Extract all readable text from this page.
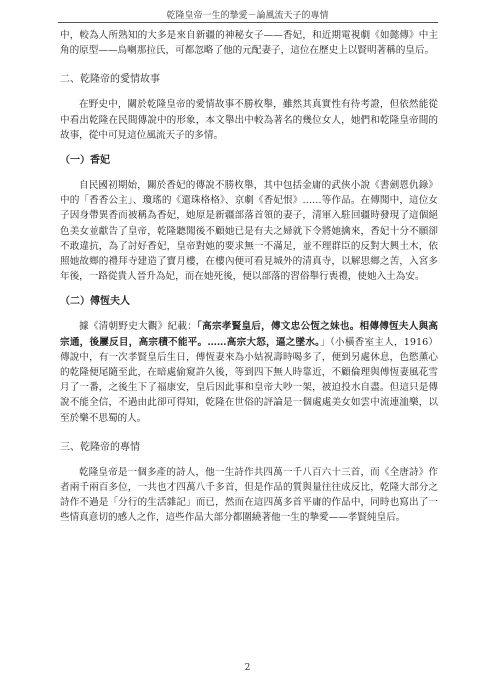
乾隆皇帝一生的摯愛－論風流天子的專情

中，較為人所熟知的大多是來自新疆的神秘女子——香妃，和近期電視劇《如懿傳》中主角的原型——烏喇那拉氏，可都忽略了他的元配妻子，這位在歷史上以賢明著稱的皇后。

二、乾隆帝的愛情故事

在野史中，關於乾隆皇帝的愛情故事不勝枚舉，雖然其真實性有待考證，但依然能從中看出乾隆在民間傳說中的形象，本文舉出中較為著名的幾位女人，她們和乾隆皇帝間的故事，從中可見這位風流天子的多情。

（一）香妃

自民國初期始，關於香妃的傳說不勝枚舉，其中包括金庸的武俠小說《書劍恩仇錄》中的「香香公主」、瓊瑤的《還珠格格》、京劇《香妃恨》……等作品。在傳聞中，這位女子因身帶異香而被稱為香妃，她原是新疆部落首領的妻子，清軍入駐回疆時發現了這個絕色美女並獻告了皇帝，乾隆聽聞後不顧她已是有夫之婦就下令將她擒來，香妃十分不願卻不敢違抗，為了討好香妃，皇帝對她的要求無一不滿足，並不理群臣的反對大興土木，依照她故鄉的禮拜寺建造了寶月樓，在樓內便可看見城外的清真寺，以解思鄉之苦，入宮多年後，一路從貴人晉升為妃，而在她死後，便以部落的習俗舉行喪禮，使她入土為安。

（二）傅恆夫人

據《清朝野史大觀》紀載：「高宗孝賢皇后，傅文忠公恆之妹也。相傳傅恆夫人與高宗通，後屢反目，高宗積不能平。……高宗大怒，逼之墜水。」（小橫香室主人，1916）傳說中，有一次孝賢皇后生日，傅恆妻來為小姑祝壽時喝多了，便到另處休息，色慾薰心的乾隆便尾隨至此，在暗處偷窺許久後，等到四下無人時靠近，不顧倫理與傅恆妻風花雪月了一番，之後生下了福康安，皇后因此事和皇帝大吵一架，被迫投水自盡。但這只是傳說不能全信，不過由此卻可得知，乾隆在世俗的評論是一個處處美女如雲中流連洫樂，以至於樂不思蜀的人。

三、乾隆帝的專情

乾隆皇帝是一個多產的詩人，他一生詩作共四萬一千八百六十三首，而《全唐詩》作者兩千兩百多位，一共也才四萬八千多首，但是作品的質與量往往成反比，乾隆大部分之詩作不過是「分行的生活雜記」而已，然而在這四萬多首平庸的作品中，同時也寫出了一些情真意切的感人之作，這些作品大部分都圍繞著他一生的摯愛——孝賢純皇后。

2
